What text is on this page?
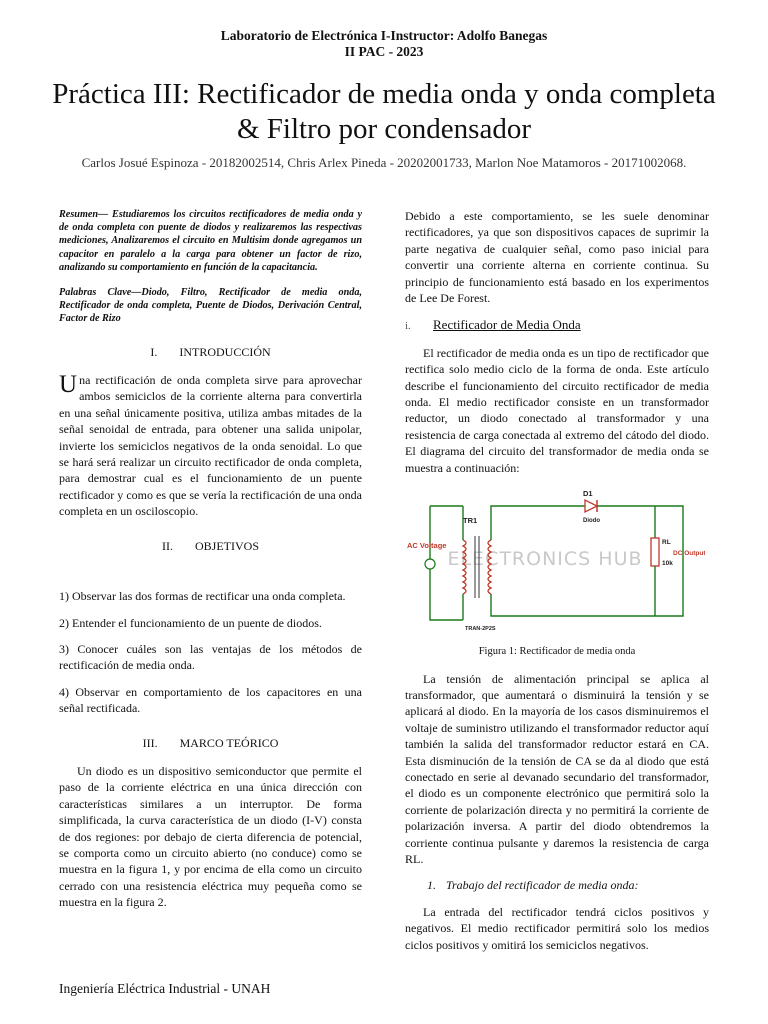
Laboratorio de Electrónica I-Instructor: Adolfo Banegas
II PAC - 2023
Práctica III: Rectificador de media onda y onda completa & Filtro por condensador
Carlos Josué Espinoza - 20182002514, Chris Arlex Pineda - 20202001733, Marlon Noe Matamoros - 20171002068.

Resumen— Estudiaremos los circuitos rectificadores de media onda y de onda completa con puente de diodos y realizaremos las respectivas mediciones, Analizaremos el circuito en Multisim donde agregamos un capacitor en paralelo a la carga para obtener un factor de rizo, analizando su comportamiento en función de la capacitancia.

Palabras Clave—Diodo, Filtro, Rectificador de media onda, Rectificador de onda completa, Puente de Diodos, Derivación Central, Factor de Rizo

I. INTRODUCCIÓN

Una rectificación de onda completa sirve para aprovechar ambos semiciclos de la corriente alterna para convertirla en una señal únicamente positiva, utiliza ambas mitades de la señal senoidal de entrada, para obtener una salida unipolar, invierte los semiciclos negativos de la onda senoidal. Lo que se hará será realizar un circuito rectificador de onda completa, para demostrar cual es el funcionamiento de un puente rectificador y como es que se vería la rectificación de una onda completa en un osciloscopio.

II. OBJETIVOS

1) Observar las dos formas de rectificar una onda completa.

2) Entender el funcionamiento de un puente de diodos.

3) Conocer cuáles son las ventajas de los métodos de rectificación de media onda.

4) Observar en comportamiento de los capacitores en una señal rectificada.

III. MARCO TEÓRICO

Un diodo es un dispositivo semiconductor que permite el paso de la corriente eléctrica en una única dirección con características similares a un interruptor. De forma simplificada, la curva característica de un diodo (I-V) consta de dos regiones: por debajo de cierta diferencia de potencial, se comporta como un circuito abierto (no conduce) como se muestra en la figura 1, y por encima de ella como un circuito cerrado con una resistencia eléctrica muy pequeña como se muestra en la figura 2.

Debido a este comportamiento, se les suele denominar rectificadores, ya que son dispositivos capaces de suprimir la parte negativa de cualquier señal, como paso inicial para convertir una corriente alterna en corriente continua. Su principio de funcionamiento está basado en los experimentos de Lee De Forest.

i. Rectificador de Media Onda

El rectificador de media onda es un tipo de rectificador que rectifica solo medio ciclo de la forma de onda. Este artículo describe el funcionamiento del circuito rectificador de media onda. El medio rectificador consiste en un transformador reductor, un diodo conectado al transformador y una resistencia de carga conectada al extremo del cátodo del diodo. El diagrama del circuito del transformador de media onda se muestra a continuación:

ELECTRONICS HUB
AC Voltage
TR1
TRAN-2P2S
D1
Diodo
RL
10k
DC Output
Figura 1: Rectificador de media onda

La tensión de alimentación principal se aplica al transformador, que aumentará o disminuirá la tensión y se aplicará al diodo. En la mayoría de los casos disminuiremos el voltaje de suministro utilizando el transformador reductor aquí también la salida del transformador reductor estará en CA. Esta disminución de la tensión de CA se da al diodo que está conectado en serie al devanado secundario del transformador, el diodo es un componente electrónico que permitirá solo la corriente de polarización directa y no permitirá la corriente de polarización inversa. A partir del diodo obtendremos la corriente continua pulsante y daremos la resistencia de carga RL.

1. Trabajo del rectificador de media onda:

La entrada del rectificador tendrá ciclos positivos y negativos. El medio rectificador permitirá solo los medios ciclos positivos y omitirá los semiciclos negativos.

Ingeniería Eléctrica Industrial - UNAH
